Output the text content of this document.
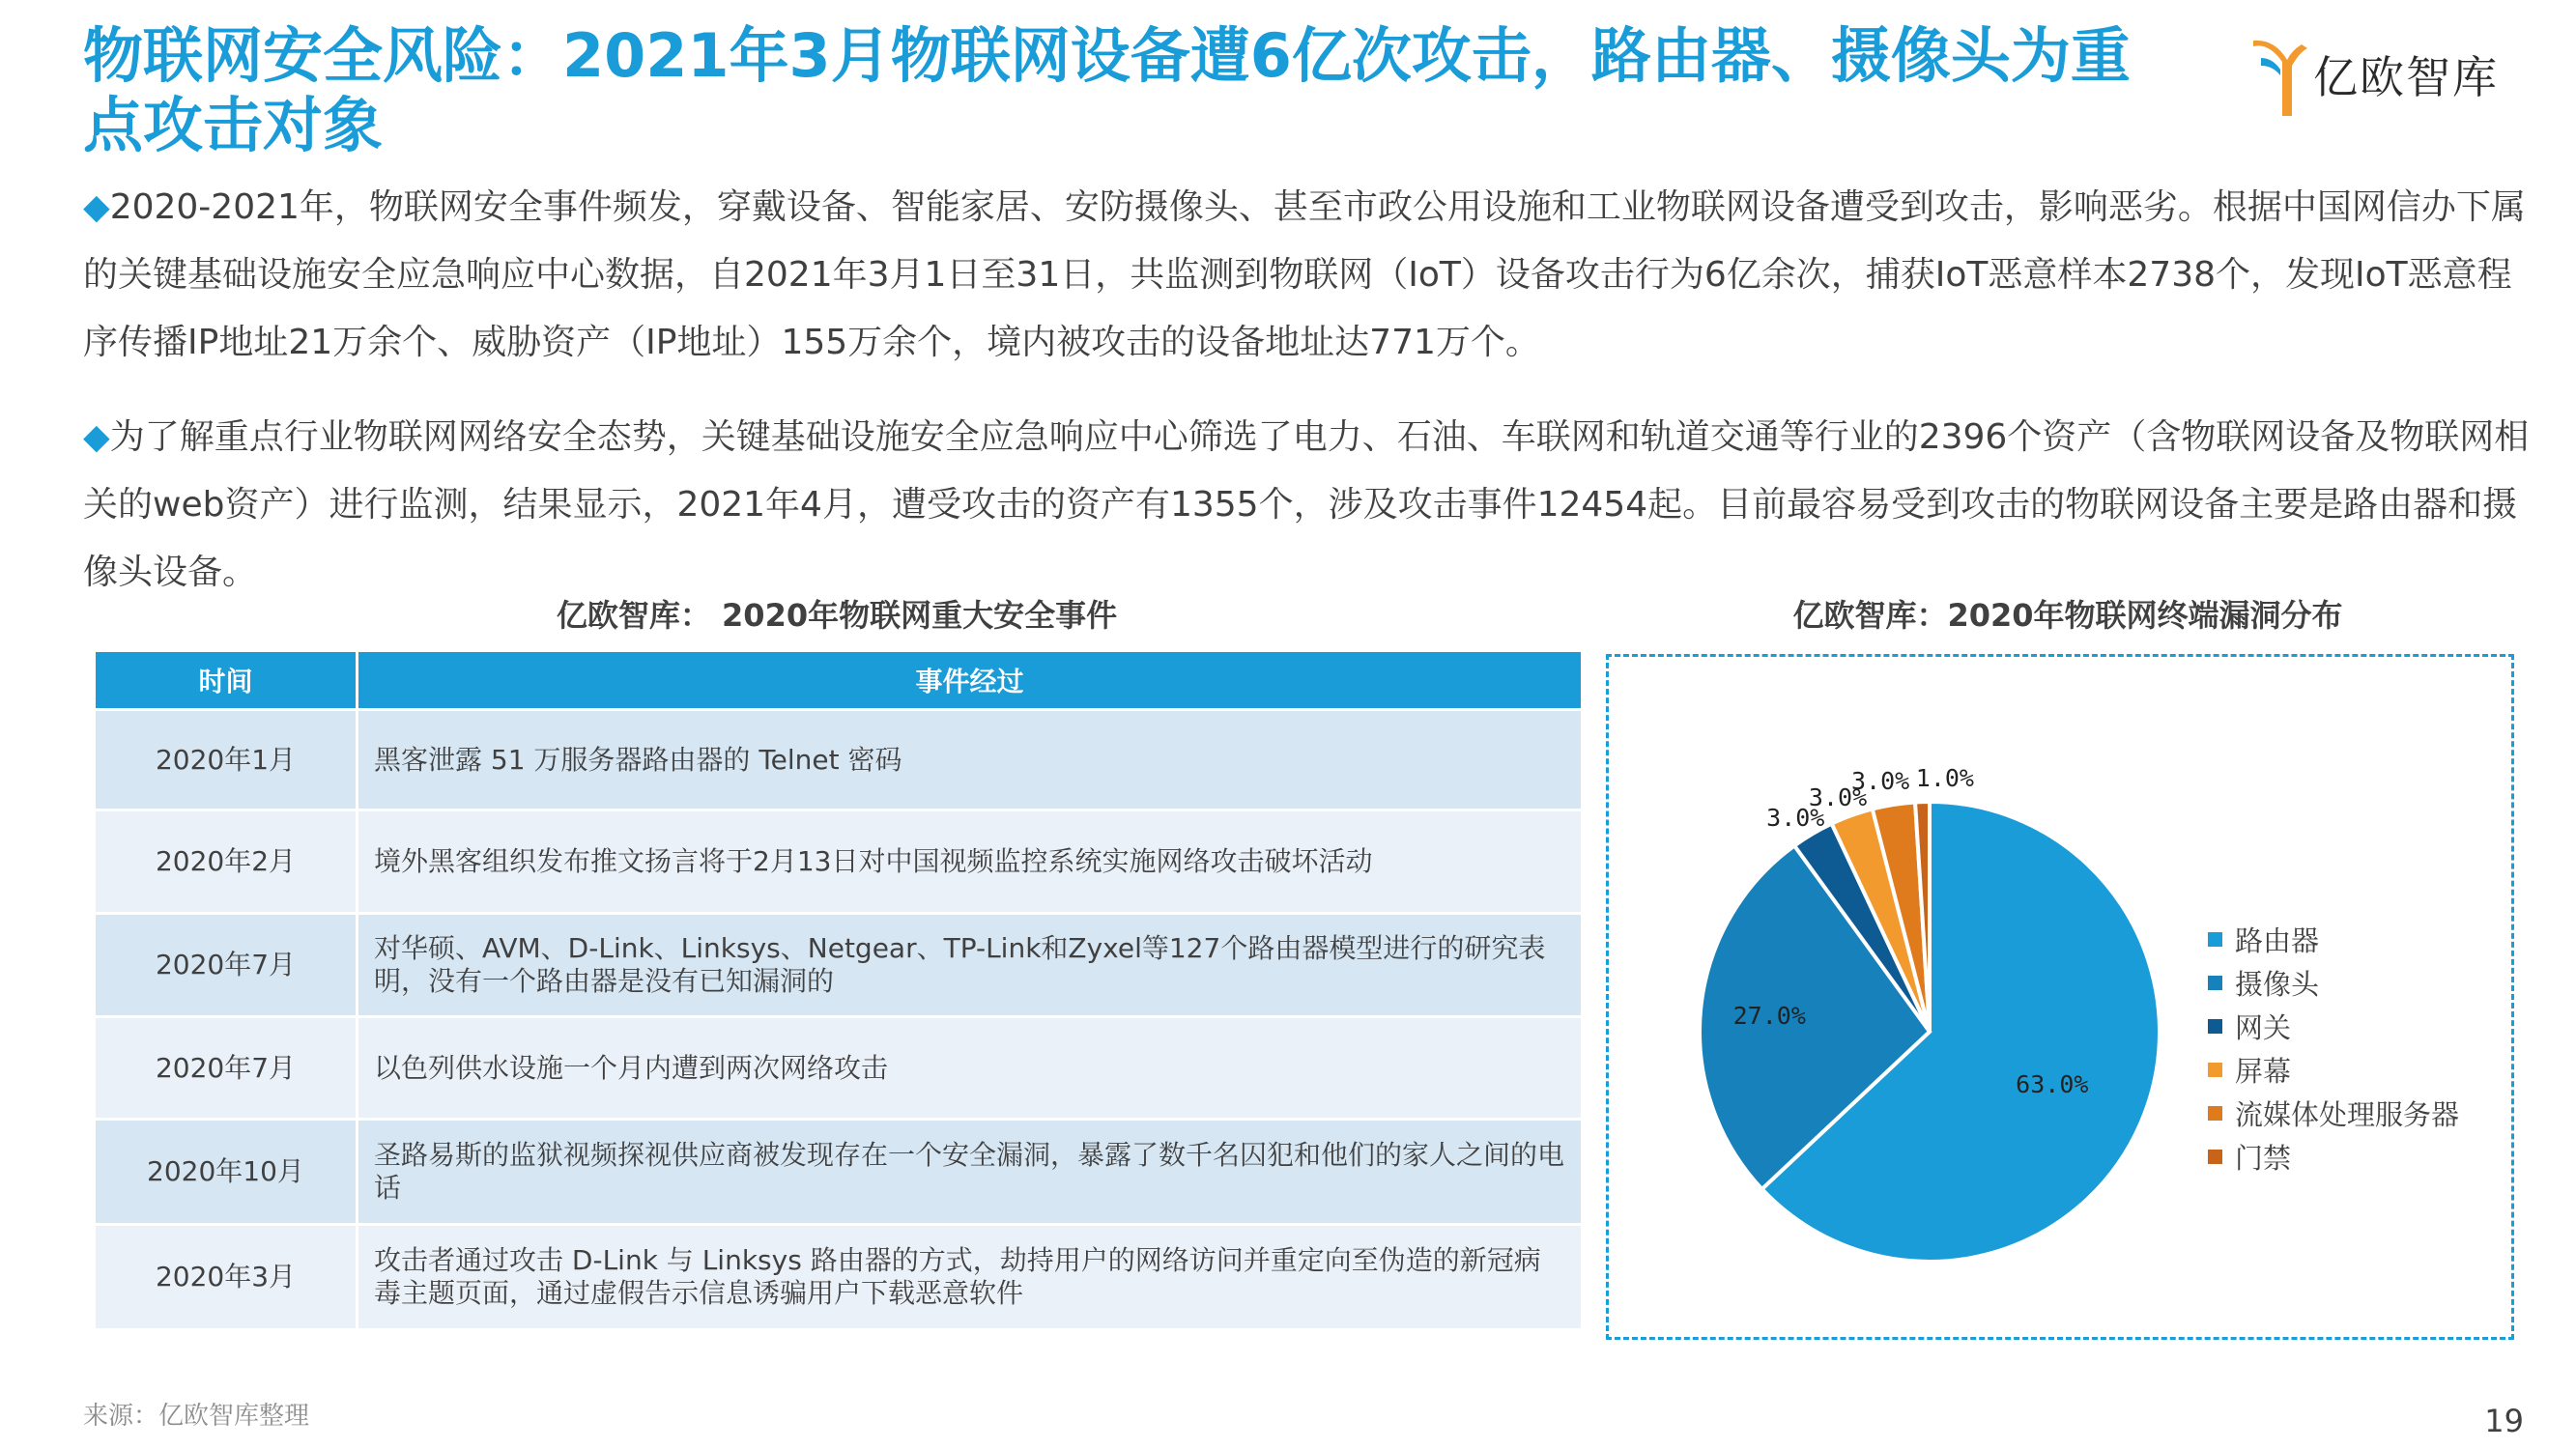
物联网安全风险：2021年3月物联网设备遭6亿次攻击，路由器、摄像头为重点攻击对象
亿欧智库

◆2020-2021年，物联网安全事件频发，穿戴设备、智能家居、安防摄像头、甚至市政公用设施和工业物联网设备遭受到攻击，影响恶劣。根据中国网信办下属的关键基础设施安全应急响应中心数据，自2021年3月1日至31日，共监测到物联网（IoT）设备攻击行为6亿余次，捕获IoT恶意样本2738个，发现IoT恶意程序传播IP地址21万余个、威胁资产（IP地址）155万余个，境内被攻击的设备地址达771万个。

◆为了解重点行业物联网网络安全态势，关键基础设施安全应急响应中心筛选了电力、石油、车联网和轨道交通等行业的2396个资产（含物联网设备及物联网相关的web资产）进行监测，结果显示，2021年4月，遭受攻击的资产有1355个，涉及攻击事件12454起。目前最容易受到攻击的物联网设备主要是路由器和摄像头设备。

亿欧智库： 2020年物联网重大安全事件	亿欧智库：2020年物联网终端漏洞分布
时间	事件经过
2020年1月	黑客泄露 51 万服务器路由器的 Telnet 密码
2020年2月	境外黑客组织发布推文扬言将于2月13日对中国视频监控系统实施网络攻击破坏活动
2020年7月	对华硕、AVM、D-Link、Linksys、Netgear、TP-Link和Zyxel等127个路由器模型进行的研究表明，没有一个路由器是没有已知漏洞的
2020年7月	以色列供水设施一个月内遭到两次网络攻击
2020年10月	圣路易斯的监狱视频探视供应商被发现存在一个安全漏洞，暴露了数千名囚犯和他们的家人之间的电话
2020年3月	攻击者通过攻击 D-Link 与 Linksys 路由器的方式，劫持用户的网络访问并重定向至伪造的新冠病毒主题页面，通过虚假告示信息诱骗用户下载恶意软件
63.0%
27.0%
3.0%
3.0%
3.0% 1.0%
路由器
摄像头
网关
屏幕
流媒体处理服务器
门禁
来源：亿欧智库整理	19
